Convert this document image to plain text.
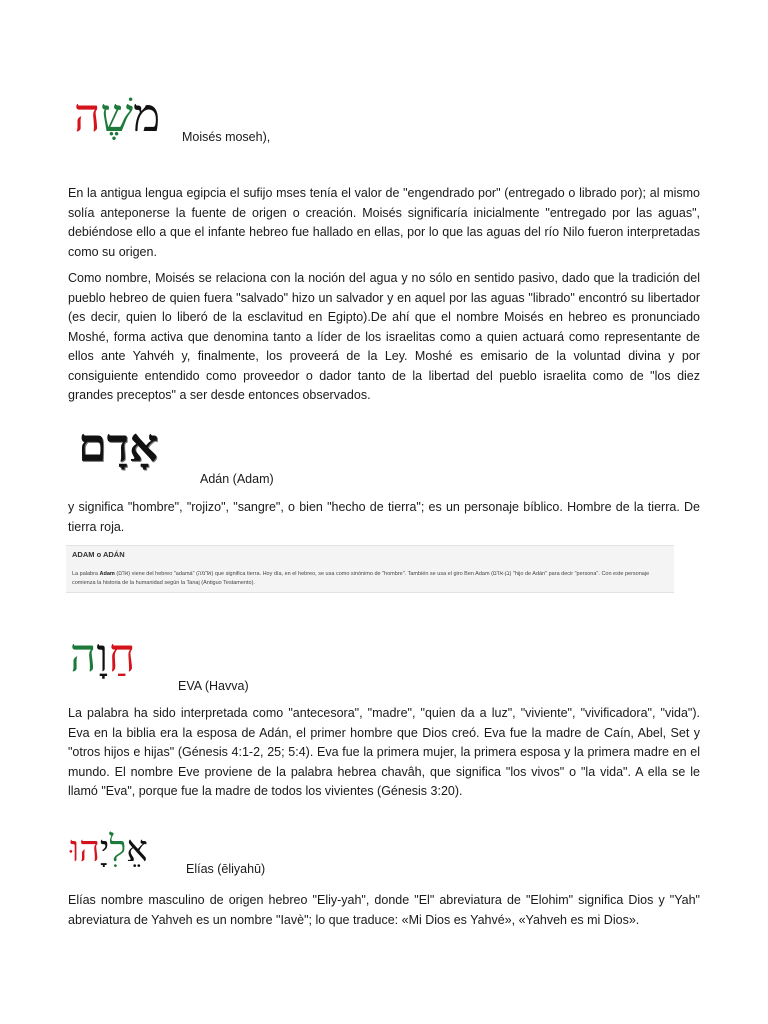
משֶׁה	Moisés moseh),

En la antigua lengua egipcia el sufijo mses tenía el valor de "engendrado por" (entregado o librado por); al mismo solía anteponerse la fuente de origen o creación. Moisés significaría inicialmente "entregado por las aguas", debiéndose ello a que el infante hebreo fue hallado en ellas, por lo que las aguas del río Nilo fueron interpretadas como su origen.

Como nombre, Moisés se relaciona con la noción del agua y no sólo en sentido pasivo, dado que la tradición del pueblo hebreo de quien fuera "salvado" hizo un salvador y en aquel por las aguas "librado" encontró su libertador (es decir, quien lo liberó de la esclavitud en Egipto).De ahí que el nombre Moisés en hebreo es pronunciado Moshé, forma activa que denomina tanto a líder de los israelitas como a quien actuará como representante de ellos ante Yahvéh y, finalmente, los proveerá de la Ley. Moshé es emisario de la voluntad divina y por consiguiente entendido como proveedor o dador tanto de la libertad del pueblo israelita como de "los diez grandes preceptos" a ser desde entonces observados.

אָדָם
Adán (Adam)

y significa "hombre", "rojizo", "sangre", o bien "hecho de tierra"; es un personaje bíblico. Hombre de la tierra. De tierra roja.

ADAM o ADÁN
La palabra Adam (אדם) viene del hebreo "adamá" (אדמה) que significa tierra. Hoy día, en el hebreo, se usa como sinónimo de "hombre". También se usa el giro Ben Adam (בן-אדם) "hijo de Adán" para decir "persona". Con este personaje comienza la historia de la humanidad según la Tanaj (Antiguo Testamento).
חַוָה
EVA (Havva)

La palabra ha sido interpretada como "antecesora", "madre", "quien da a luz", "viviente", "vivificadora", "vida"). Eva en la biblia era la esposa de Adán, el primer hombre que Dios creó. Eva fue la madre de Caín, Abel, Set y "otros hijos e hijas" (Génesis 4:1-2, 25; 5:4). Eva fue la primera mujer, la primera esposa y la primera madre en el mundo. El nombre Eve proviene de la palabra hebrea chavâh, que significa "los vivos" o "la vida". A ella se le llamó "Eva", porque fue la madre de todos los vivientes (Génesis 3:20).

אֵלִיָהוּ	Elías (ēliyahū)

Elías nombre masculino de origen hebreo "Eliy-yah", donde "El" abreviatura de "Elohim" significa Dios y "Yah" abreviatura de Yahveh es un nombre "Iavè"; lo que traduce: «Mi Dios es Yahvé», «Yahveh es mi Dios».
